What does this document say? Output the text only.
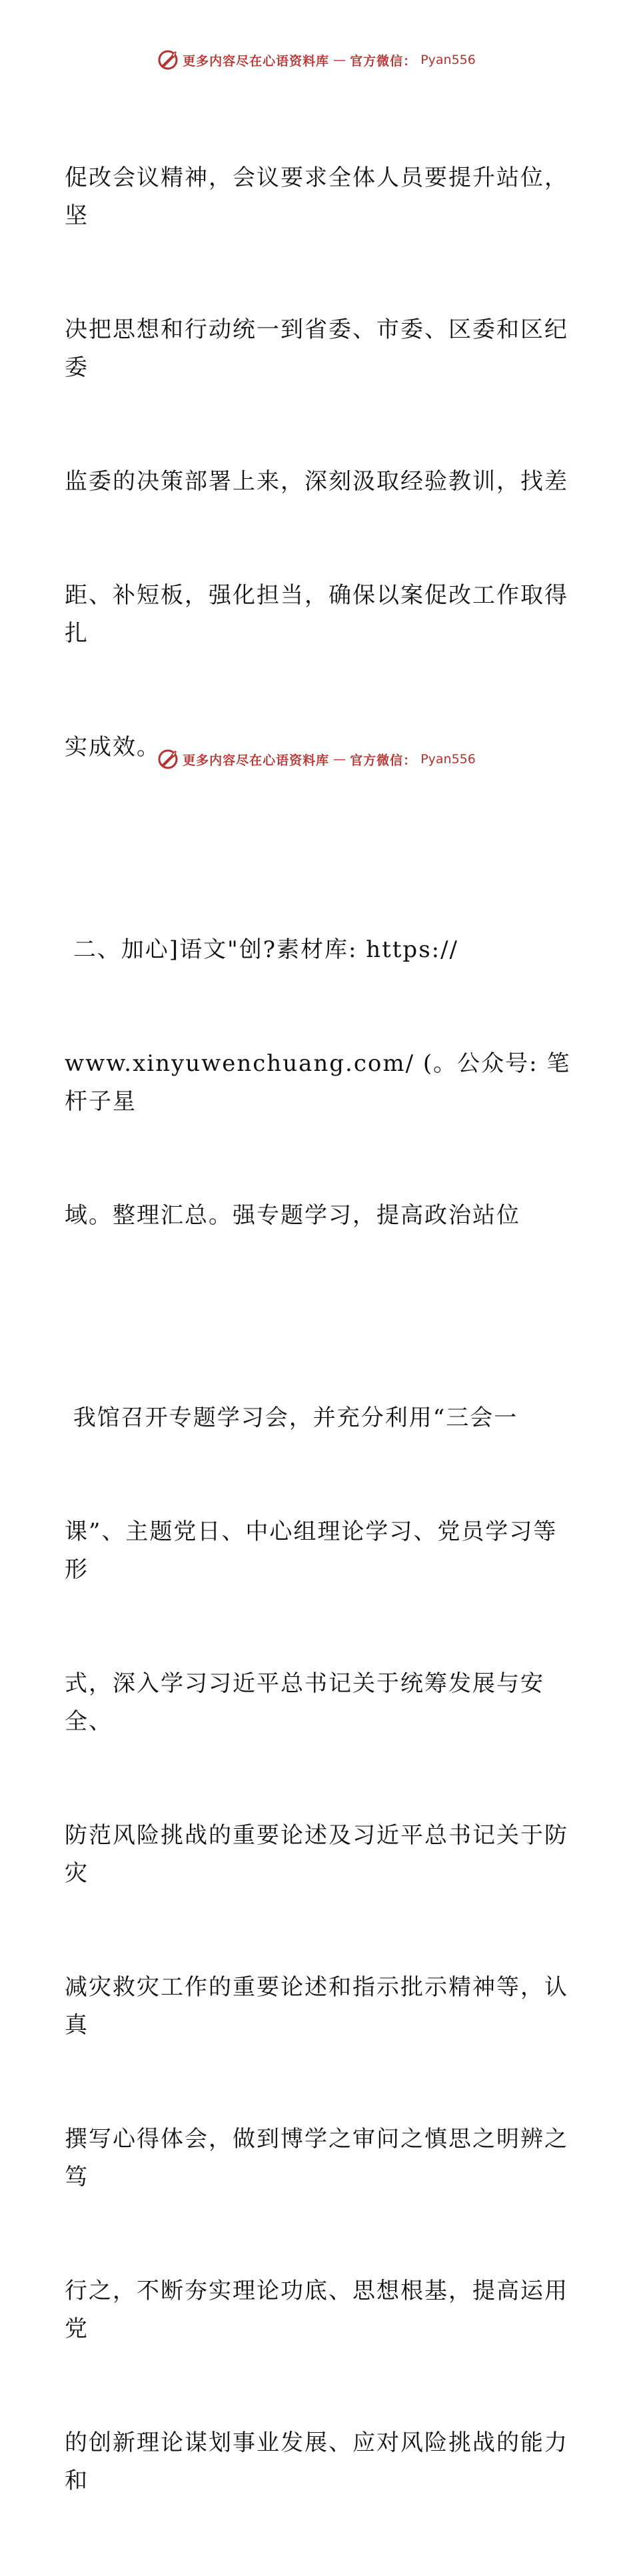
更多内容尽在心语资料库 — 官方微信： Pyan556

促改会议精神，会议要求全体人员要提升站位，坚

决把思想和行动统一到省委、市委、区委和区纪委

监委的决策部署上来，深刻汲取经验教训，找差

距、补短板，强化担当，确保以案促改工作取得扎

实成效。

二、加心]语文"创?素材库: https://

www.xinyuwenchuang.com/ (。公众号: 笔杆子星

域。整理汇总。强专题学习，提高政治站位

我馆召开专题学习会，并充分利用“三会一

课”、主题党日、中心组理论学习、党员学习等形

式，深入学习习近平总书记关于统筹发展与安全、

防范风险挑战的重要论述及习近平总书记关于防灾

减灾救灾工作的重要论述和指示批示精神等，认真

撰写心得体会，做到博学之审问之慎思之明辨之笃

行之，不断夯实理论功底、思想根基，提高运用党

的创新理论谋划事业发展、应对风险挑战的能力和

更多内容尽在心语资料库 — 官方微信： Pyan556
